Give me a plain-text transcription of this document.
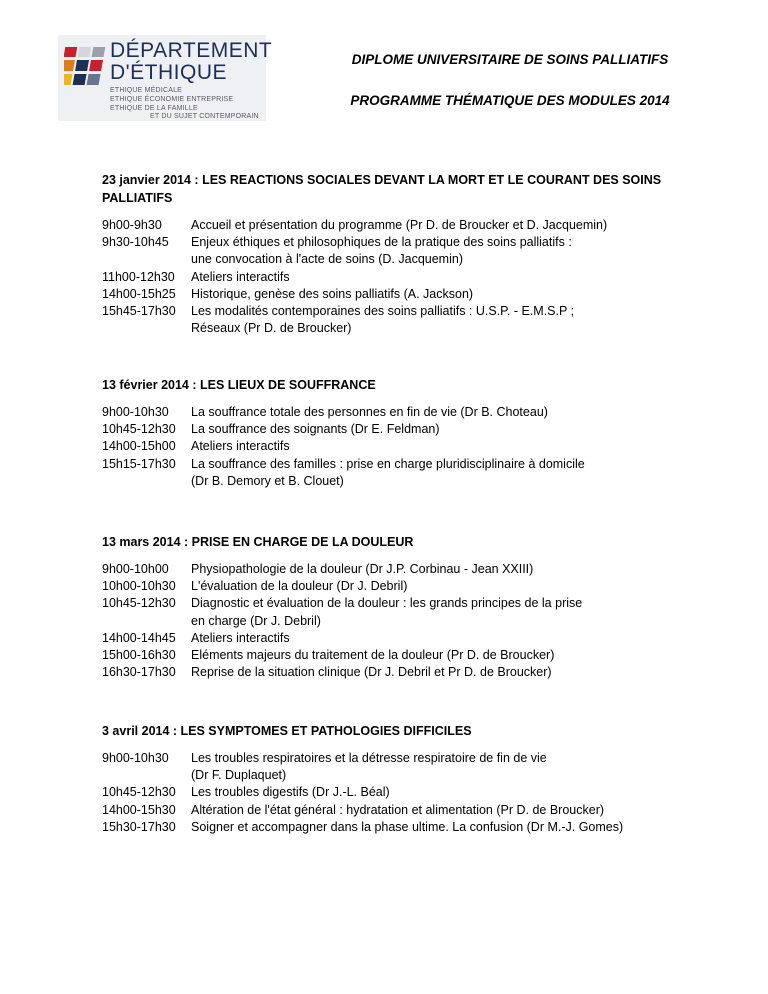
DÉPARTEMENT
D'ÉTHIQUE
ETHIQUE MÉDICALE
ETHIQUE ÉCONOMIE ENTREPRISE
ETHIQUE DE LA FAMILLE
ET DU SUJET CONTEMPORAIN
DIPLOME UNIVERSITAIRE DE SOINS PALLIATIFS
PROGRAMME THÉMATIQUE DES MODULES 2014
23 janvier 2014 : LES REACTIONS SOCIALES DEVANT LA MORT ET LE COURANT DES SOINS PALLIATIFS
9h00-9h30	Accueil et présentation du programme (Pr D. de Broucker et D. Jacquemin)
9h30-10h45	Enjeux éthiques et philosophiques de la pratique des soins palliatifs :
une convocation à l'acte de soins (D. Jacquemin)
11h00-12h30	Ateliers interactifs
14h00-15h25	Historique, genèse des soins palliatifs (A. Jackson)
15h45-17h30	Les modalités contemporaines des soins palliatifs : U.S.P. - E.M.S.P ;
Réseaux (Pr D. de Broucker)
13 février 2014 : LES LIEUX DE SOUFFRANCE
9h00-10h30	La souffrance totale des personnes en fin de vie (Dr B. Choteau)
10h45-12h30	La souffrance des soignants (Dr E. Feldman)
14h00-15h00	Ateliers interactifs
15h15-17h30	La souffrance des familles : prise en charge pluridisciplinaire à domicile
(Dr B. Demory et B. Clouet)
13 mars 2014 : PRISE EN CHARGE DE LA DOULEUR
9h00-10h00	Physiopathologie de la douleur (Dr J.P. Corbinau - Jean XXIII)
10h00-10h30	L'évaluation de la douleur (Dr J. Debril)
10h45-12h30	Diagnostic et évaluation de la douleur : les grands principes de la prise
en charge (Dr J. Debril)
14h00-14h45	Ateliers interactifs
15h00-16h30	Eléments majeurs du traitement de la douleur (Pr D. de Broucker)
16h30-17h30	Reprise de la situation clinique (Dr J. Debril et Pr D. de Broucker)
3 avril 2014 : LES SYMPTOMES ET PATHOLOGIES DIFFICILES
9h00-10h30	Les troubles respiratoires et la détresse respiratoire de fin de vie
(Dr F. Duplaquet)
10h45-12h30	Les troubles digestifs (Dr J.-L. Béal)
14h00-15h30	Altération de l'état général : hydratation et alimentation (Pr D. de Broucker)
15h30-17h30	Soigner et accompagner dans la phase ultime. La confusion (Dr M.-J. Gomes)
